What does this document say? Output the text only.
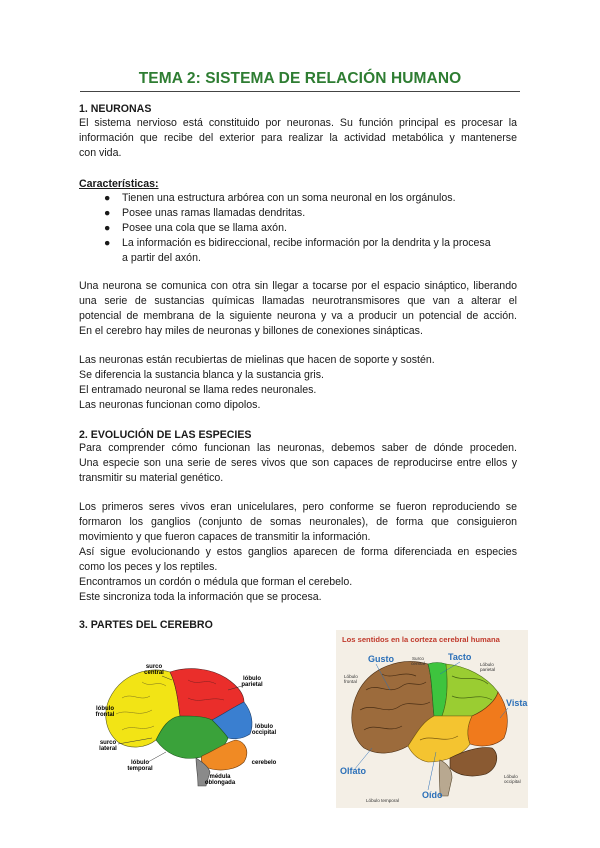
TEMA 2: SISTEMA DE RELACIÓN HUMANO
1. NEURONAS
El sistema nervioso está constituido por neuronas. Su función principal es procesar la
información que recibe del exterior para realizar la actividad metabólica y mantenerse
con vida.
Características:
● Tienen una estructura arbórea con un soma neuronal en los orgánulos.
● Posee unas ramas llamadas dendritas.
● Posee una cola que se llama axón.
● La información es bidireccional, recibe información por la dendrita y la procesa
a partir del axón.
Una neurona se comunica con otra sin llegar a tocarse por el espacio sináptico, liberando
una serie de sustancias químicas llamadas neurotransmisores que van a alterar el
potencial de membrana de la siguiente neurona y va a producir un potencial de acción.
En el cerebro hay miles de neuronas y billones de conexiones sinápticas.
Las neuronas están recubiertas de mielinas que hacen de soporte y sostén.
Se diferencia la sustancia blanca y la sustancia gris.
El entramado neuronal se llama redes neuronales.
Las neuronas funcionan como dipolos.
2. EVOLUCIÓN DE LAS ESPECIES
Para comprender cómo funcionan las neuronas, debemos saber de dónde proceden.
Una especie son una serie de seres vivos que son capaces de reproducirse entre ellos y
transmitir su material genético.
Los primeros seres vivos eran unicelulares, pero conforme se fueron reproduciendo se
formaron los ganglios (conjunto de somas neuronales), de forma que consiguieron
movimiento y que fueron capaces de transmitir la información.
Así sigue evolucionando y estos ganglios aparecen de forma diferenciada en especies
como los peces y los reptiles.
Encontramos un cordón o médula que forman el cerebelo.
Este sincroniza toda la información que se procesa.
3. PARTES DEL CEREBRO
surco central
lóbulo parietal
lóbulo frontal
lóbulo occipital
surco lateral
lóbulo temporal
cerebelo
médula oblongada
Los sentidos en la corteza cerebral humana
Gusto	Tacto
Vista
Olfato
Oído
Surco central
Lóbulo frontal
Lóbulo parietal
Lóbulo occipital
Lóbulo temporal
